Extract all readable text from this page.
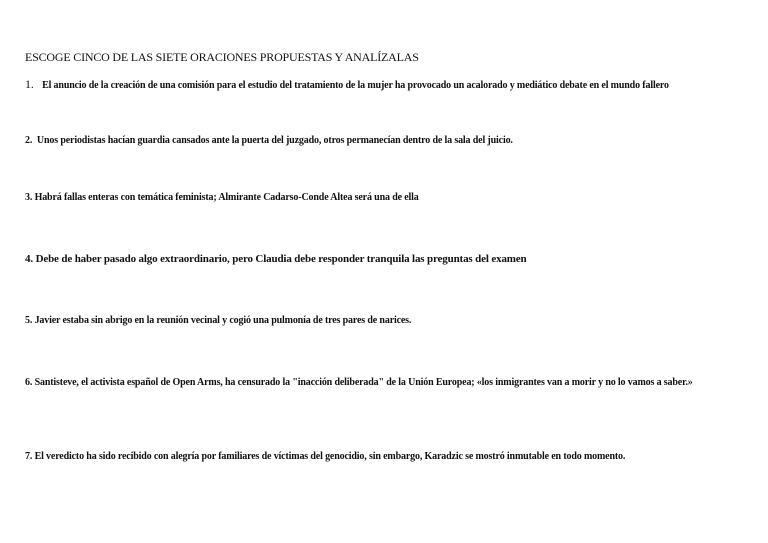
ESCOGE CINCO DE LAS SIETE ORACIONES PROPUESTAS Y ANALÍZALAS

1. El anuncio de la creación de una comisión para el estudio del tratamiento de la mujer ha provocado un acalorado y mediático debate en el mundo fallero

2. Unos periodistas hacían guardia cansados ante la puerta del juzgado, otros permanecían dentro de la sala del juicio.

3. Habrá fallas enteras con temática feminista; Almirante Cadarso-Conde Altea será una de ella

4. Debe de haber pasado algo extraordinario, pero Claudia debe responder tranquila las preguntas del examen

5. Javier estaba sin abrigo en la reunión vecinal y cogió una pulmonía de tres pares de narices.

6. Santisteve, el activista español de Open Arms, ha censurado la "inacción deliberada" de la Unión Europea; «los inmigrantes van a morir y no lo vamos a saber.»

7. El veredicto ha sido recibido con alegría por familiares de víctimas del genocidio, sin embargo, Karadzic se mostró inmutable en todo momento.
